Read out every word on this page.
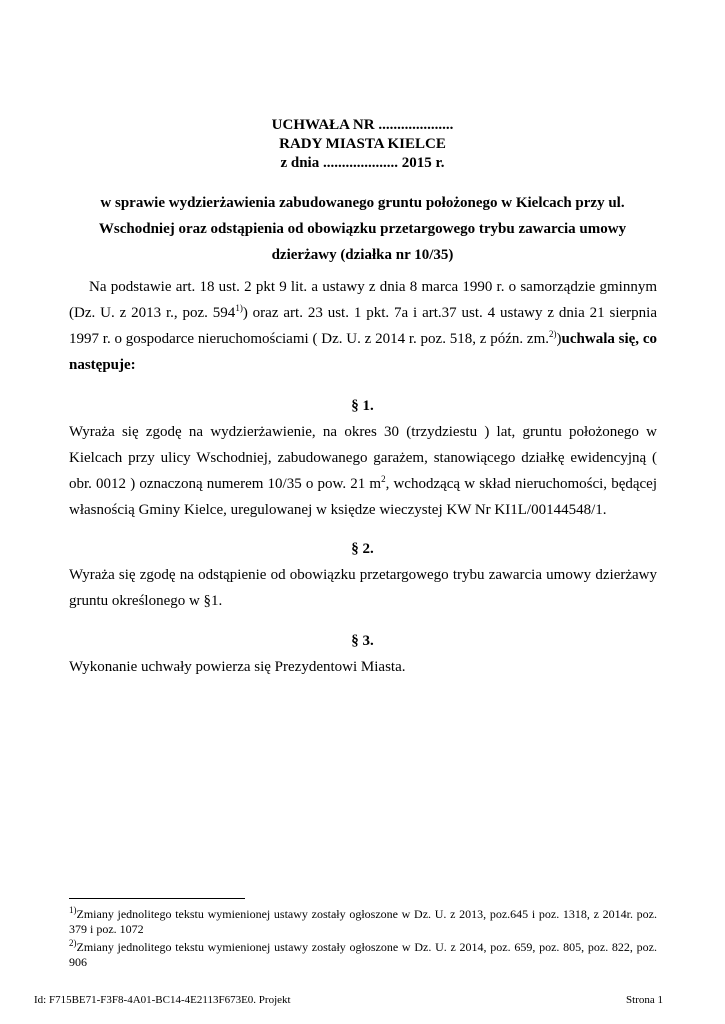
UCHWAŁA NR ....................
RADY MIASTA KIELCE
z dnia .................... 2015 r.
w sprawie wydzierżawienia zabudowanego gruntu położonego w Kielcach przy ul. Wschodniej oraz odstąpienia od obowiązku przetargowego trybu zawarcia umowy dzierżawy (działka nr 10/35)
Na podstawie art. 18 ust. 2 pkt 9 lit. a ustawy z dnia 8 marca 1990 r. o samorządzie gminnym (Dz. U. z 2013 r., poz. 594$^{1)}$) oraz art. 23 ust. 1 pkt. 7a i art.37 ust. 4 ustawy z dnia 21 sierpnia 1997 r. o gospodarce nieruchomościami ( Dz. U. z 2014 r. poz. 518, z późn. zm.$^{2)}$)uchwala się, co następuje:
§ 1.
Wyraża się zgodę na wydzierżawienie, na okres 30 (trzydziestu ) lat, gruntu położonego w Kielcach przy ulicy Wschodniej, zabudowanego garażem, stanowiącego działkę ewidencyjną ( obr. 0012 ) oznaczoną numerem 10/35 o pow. 21 $m^2$, wchodzącą w skład nieruchomości, będącej własnością Gminy Kielce, uregulowanej w księdze wieczystej KW Nr KI1L/00144548/1.
§ 2.
Wyraża się zgodę na odstąpienie od obowiązku przetargowego trybu zawarcia umowy dzierżawy gruntu określonego w §1.
§ 3.
Wykonanie uchwały powierza się Prezydentowi Miasta.

$^{1)}$Zmiany jednolitego tekstu wymienionej ustawy zostały ogłoszone w Dz. U. z 2013, poz.645 i poz. 1318, z 2014r. poz. 379 i poz. 1072

$^{2)}$Zmiany jednolitego tekstu wymienionej ustawy zostały ogłoszone w Dz. U. z 2014, poz. 659, poz. 805, poz. 822, poz. 906

Id: F715BE71-F3F8-4A01-BC14-4E2113F673E0. Projekt	Strona 1
